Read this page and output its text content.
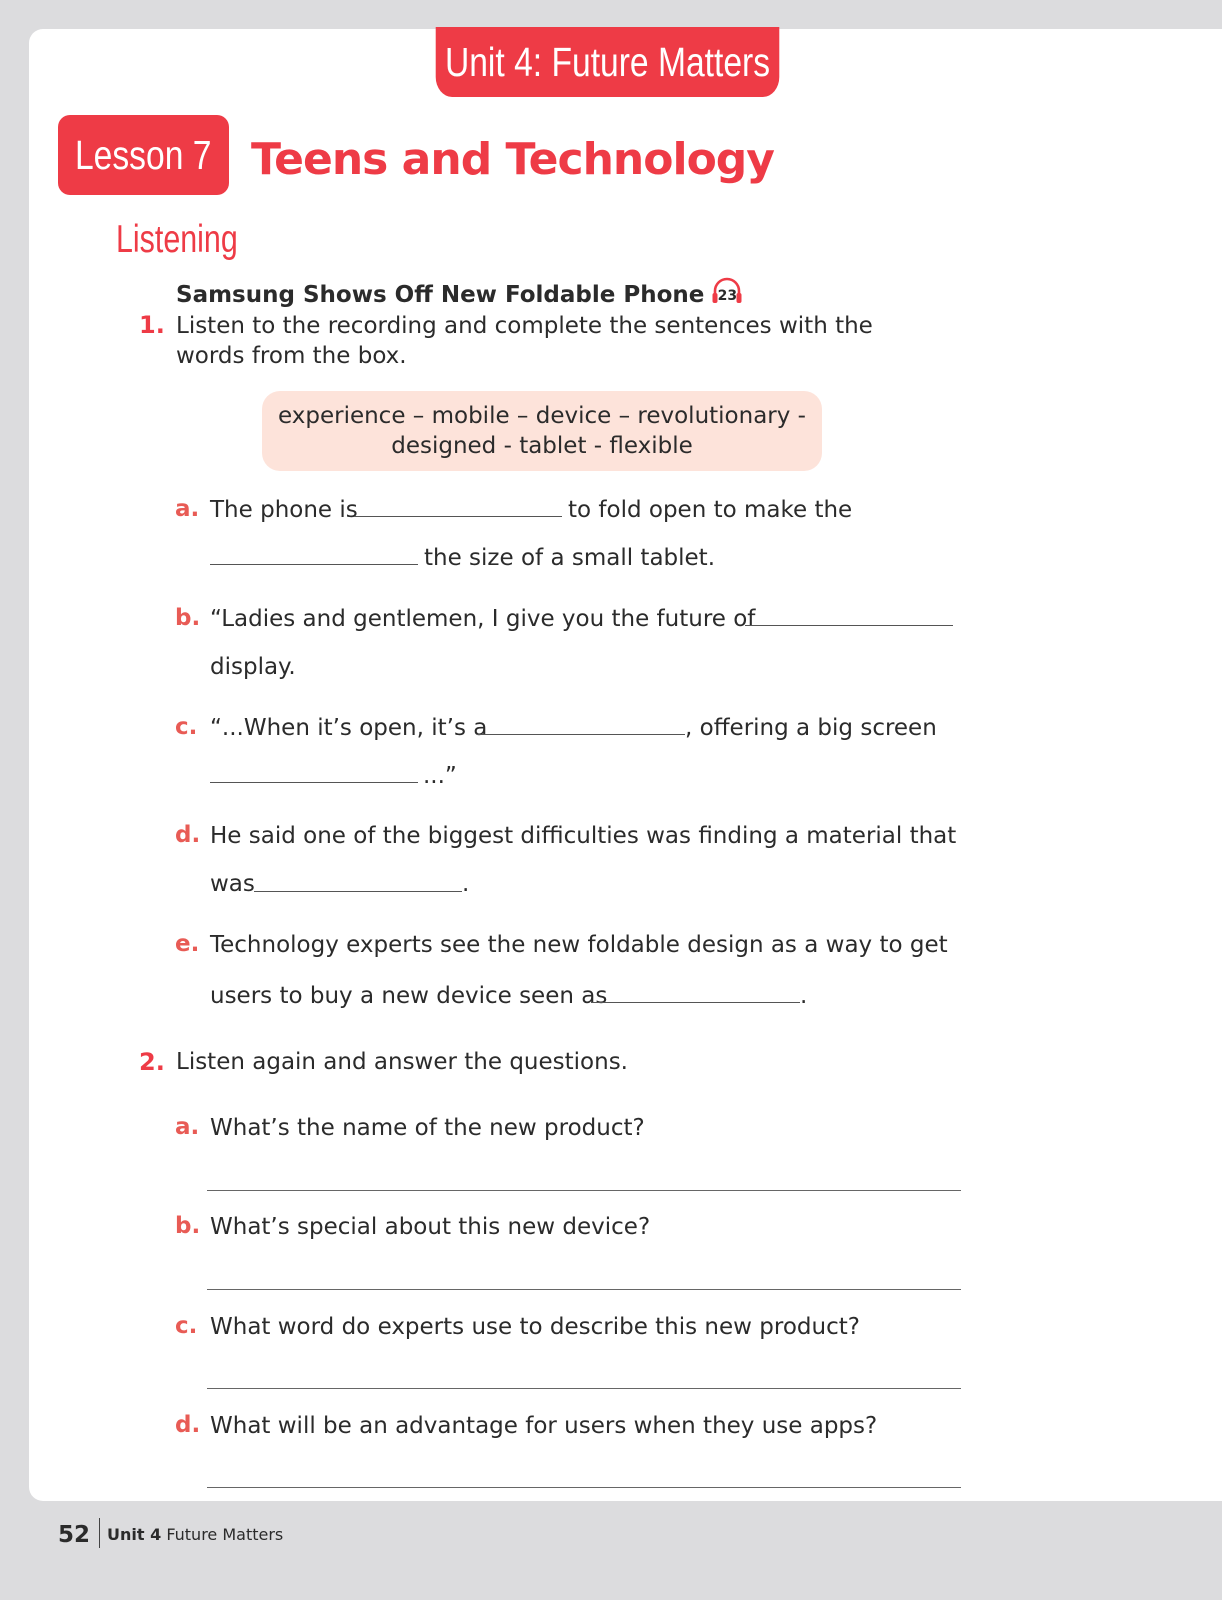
Unit 4: Future Matters
Lesson 7 Teens and Technology
Listening
Samsung Shows Off New Foldable Phone 23
1. Listen to the recording and complete the sentences with the
words from the box.
experience – mobile – device – revolutionary -
designed - tablet - flexible
a. The phone is	to fold open to make the
the size of a small tablet.
b. “Ladies and gentlemen, I give you the future of
display.
c. “...When it’s open, it’s a	, offering a big screen
...”
d. He said one of the biggest difficulties was finding a material that
was	.
e. Technology experts see the new foldable design as a way to get
users to buy a new device seen as	.
2. Listen again and answer the questions.
a. What’s the name of the new product?
b. What’s special about this new device?
c. What word do experts use to describe this new product?
d. What will be an advantage for users when they use apps?
52 Unit 4 Future Matters
